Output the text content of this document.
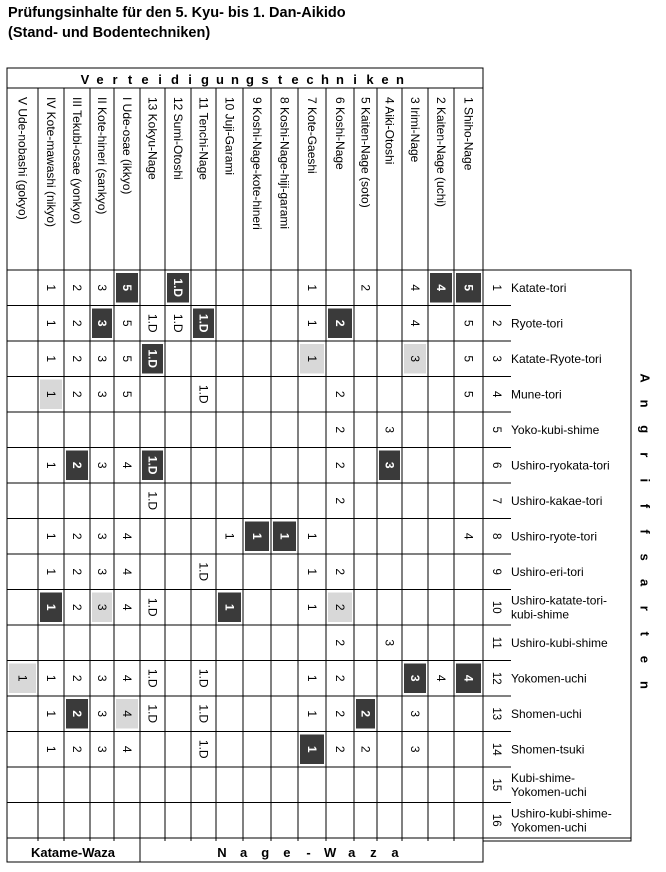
Prüfungsinhalte für den 5. Kyu- bis 1. Dan-Aikido
(Stand- und Bodentechniken)
5
4
4
2
1
1.D
5
3
2
1
5
4
2
1
1.D
1.D
1.D
5
3
2
1
5
3
1
1.D
5
3
2
1
5
2
1.D
5
3
2
1
3
2
3
2
1.D
4
3
2
1
2
1.D
4
1
1
1
1
4
3
2
1
2
1
1.D
4
3
2
1
2
1
1
1.D
4
3
2
1
3
2
4
4
3
2
1
1.D
1.D
4
3
2
1
1
3
2
2
1
1.D
1.D
4
3
2
1
3
2
2
1
1.D
4
3
2
1
V e r t e i d i g u n g s t e c h n i k e n
1 Shiho-Nage
2 Kaiten-Nage (uchi)
3 Irimi-Nage
4 Aiki-Otoshi
5 Kaiten-Nage (soto)
6 Koshi-Nage
7 Kote-Gaeshi
8 Koshi-Nage-hiji-garami
9 Koshi-Nage-kote-hineri
10 Juji-Garami
11 Tenchi-Nage
12 Sumi-Otoshi
13 Kokyu-Nage
I Ude-osae (ikkyo)
II Kote-hineri (sankyo)
III Tekubi-osae (yonkyo)
IV Kote-mawashi (nikyo)
V Ude-nobashi (gokyo)
1 Katate-tori
2 Ryote-tori
3 Katate-Ryote-tori
4 Mune-tori
5 Yoko-kubi-shime
6 Ushiro-ryokata-tori
7 Ushiro-kakae-tori
8 Ushiro-ryote-tori
9 Ushiro-eri-tori
10 Ushiro-katate-tori-
kubi-shime
11 Ushiro-kubi-shime
12 Yokomen-uchi
13 Shomen-uchi
14 Shomen-tsuki
15 Kubi-shime-
Yokomen-uchi
16 Ushiro-kubi-shime-
Yokomen-uchi
A
n
g
r
i
f
f
s
a
r
t
e
n
Katame-Waza	N a g e - W a z a
